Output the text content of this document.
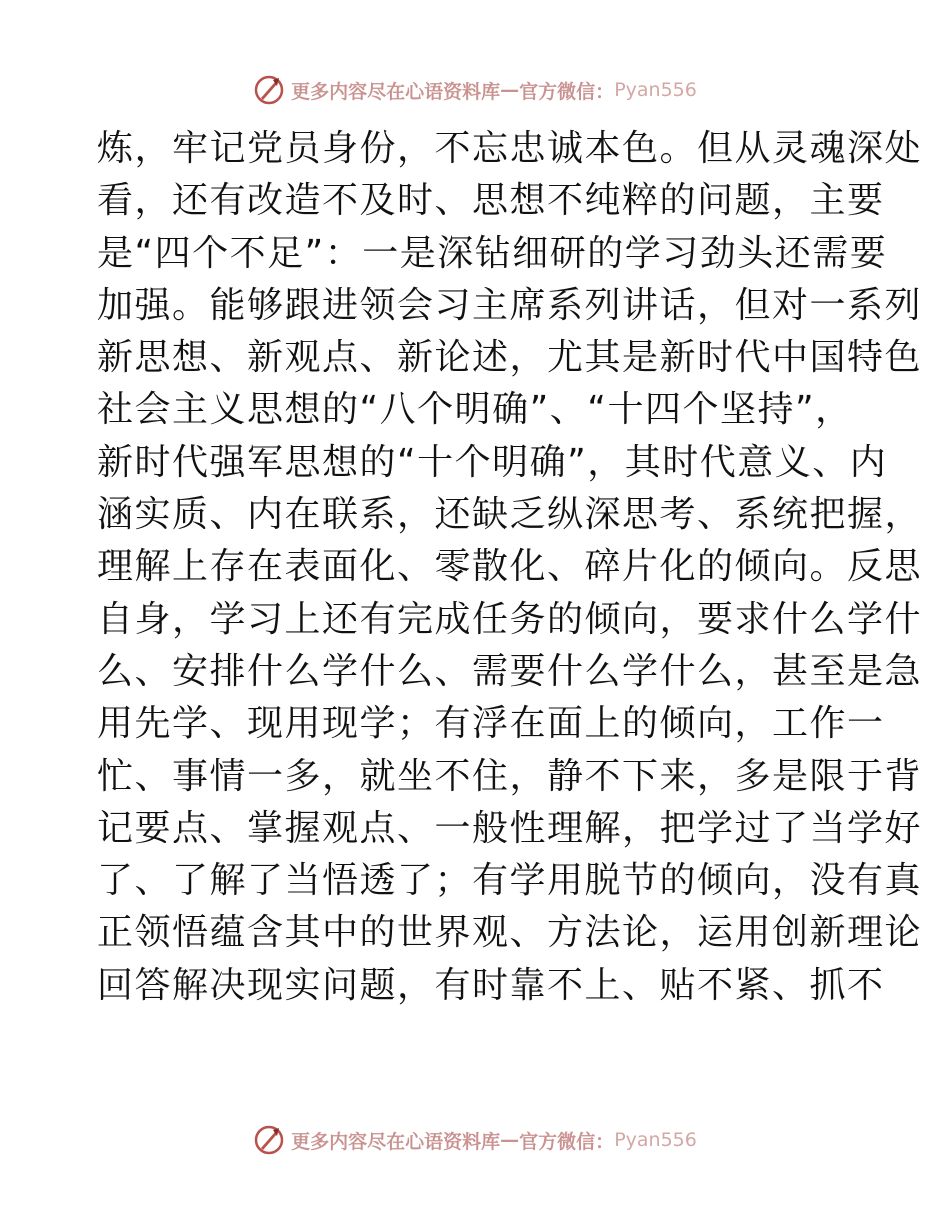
更多内容尽在心语资料库 — 官方微信： Pyan556
炼，牢记党员身份，不忘忠诚本色。但从灵魂深处
看，还有改造不及时、思想不纯粹的问题，主要
是“四个不足”：一是深钻细研的学习劲头还需要
加强。能够跟进领会习主席系列讲话，但对一系列
新思想、新观点、新论述，尤其是新时代中国特色
社会主义思想的“八个明确”、“十四个坚持”，
新时代强军思想的“十个明确”，其时代意义、内
涵实质、内在联系，还缺乏纵深思考、系统把握，
理解上存在表面化、零散化、碎片化的倾向。反思
自身，学习上还有完成任务的倾向，要求什么学什
么、安排什么学什么、需要什么学什么，甚至是急
用先学、现用现学；有浮在面上的倾向，工作一
忙、事情一多，就坐不住，静不下来，多是限于背
记要点、掌握观点、一般性理解，把学过了当学好
了、了解了当悟透了；有学用脱节的倾向，没有真
正领悟蕴含其中的世界观、方法论，运用创新理论
回答解决现实问题，有时靠不上、贴不紧、抓不
更多内容尽在心语资料库 — 官方微信： Pyan556
